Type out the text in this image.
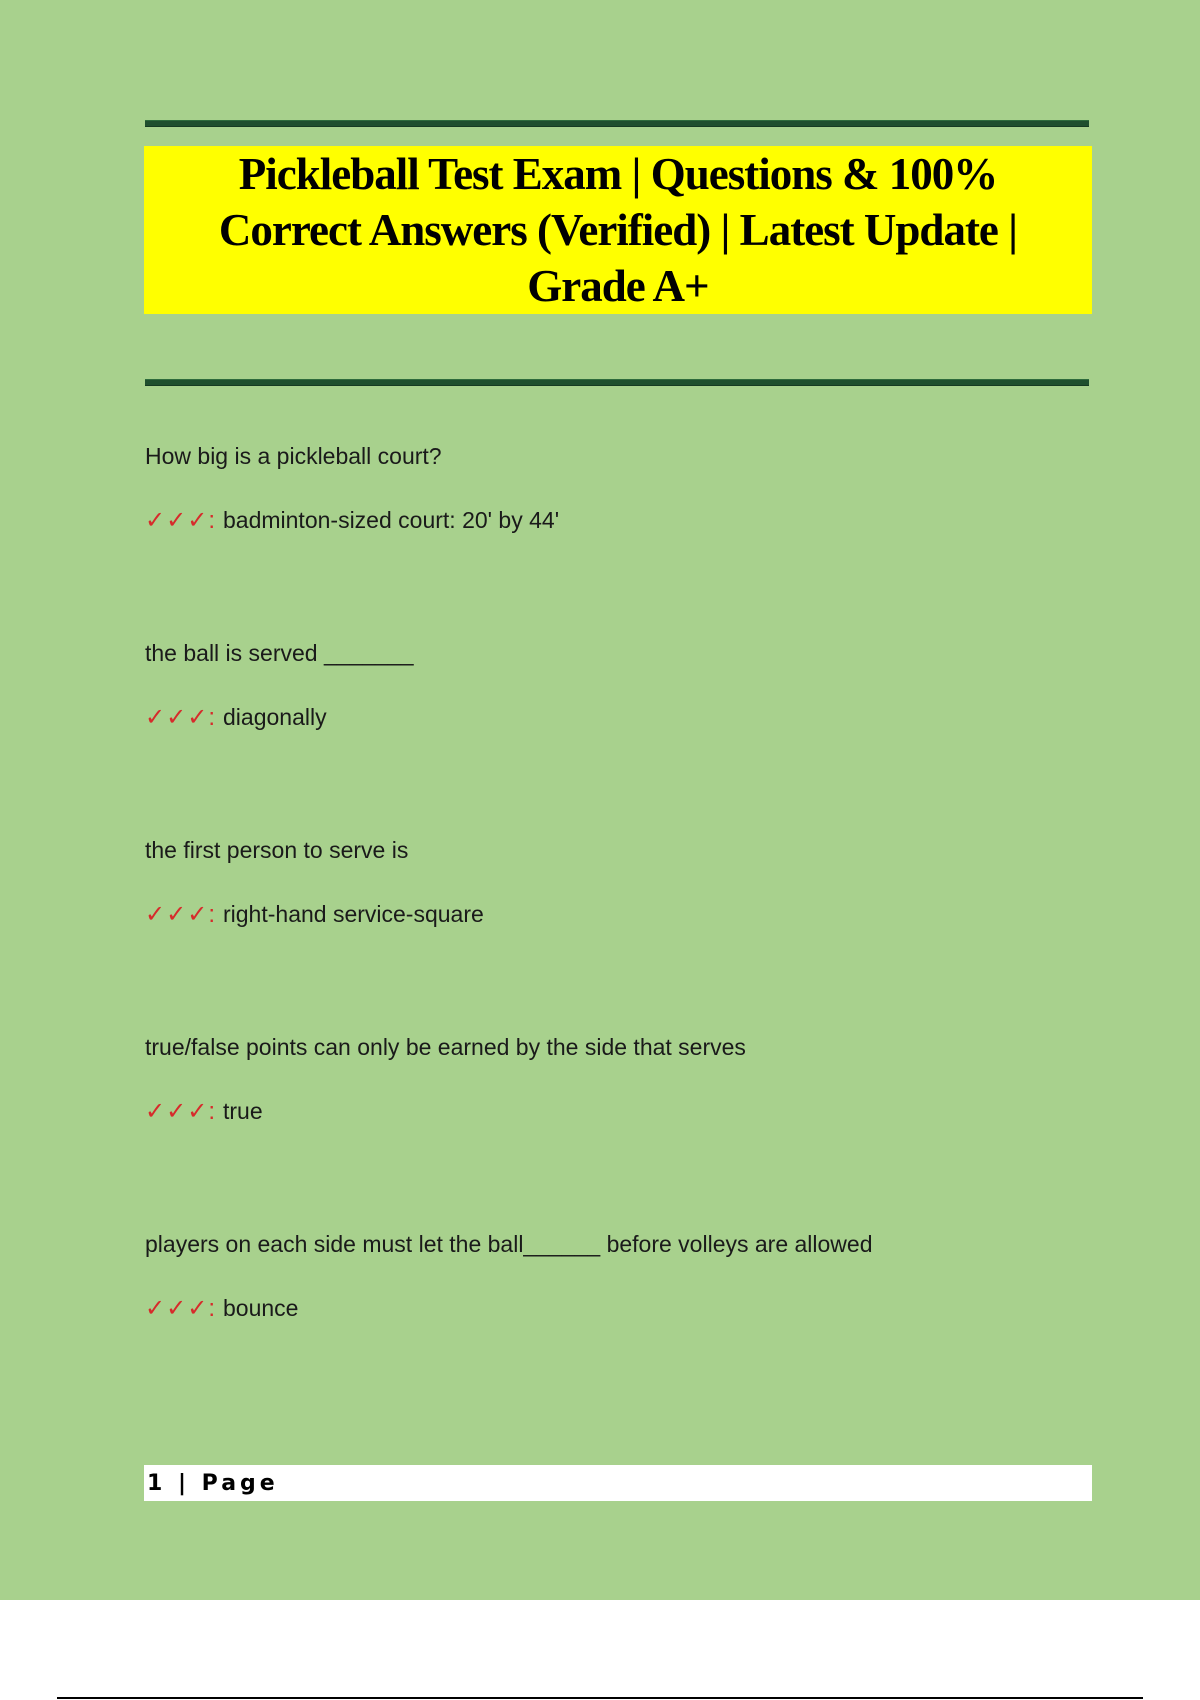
Pickleball Test Exam | Questions & 100% Correct Answers (Verified) | Latest Update | Grade A+
How big is a pickleball court?
✓✓✓ : badminton-sized court: 20' by 44'
the ball is served _______
✓✓✓ : diagonally
the first person to serve is
✓✓✓ : right-hand service-square
true/false points can only be earned by the side that serves
✓✓✓ : true
players on each side must let the ball______ before volleys are allowed
✓✓✓ : bounce
1 | Page
